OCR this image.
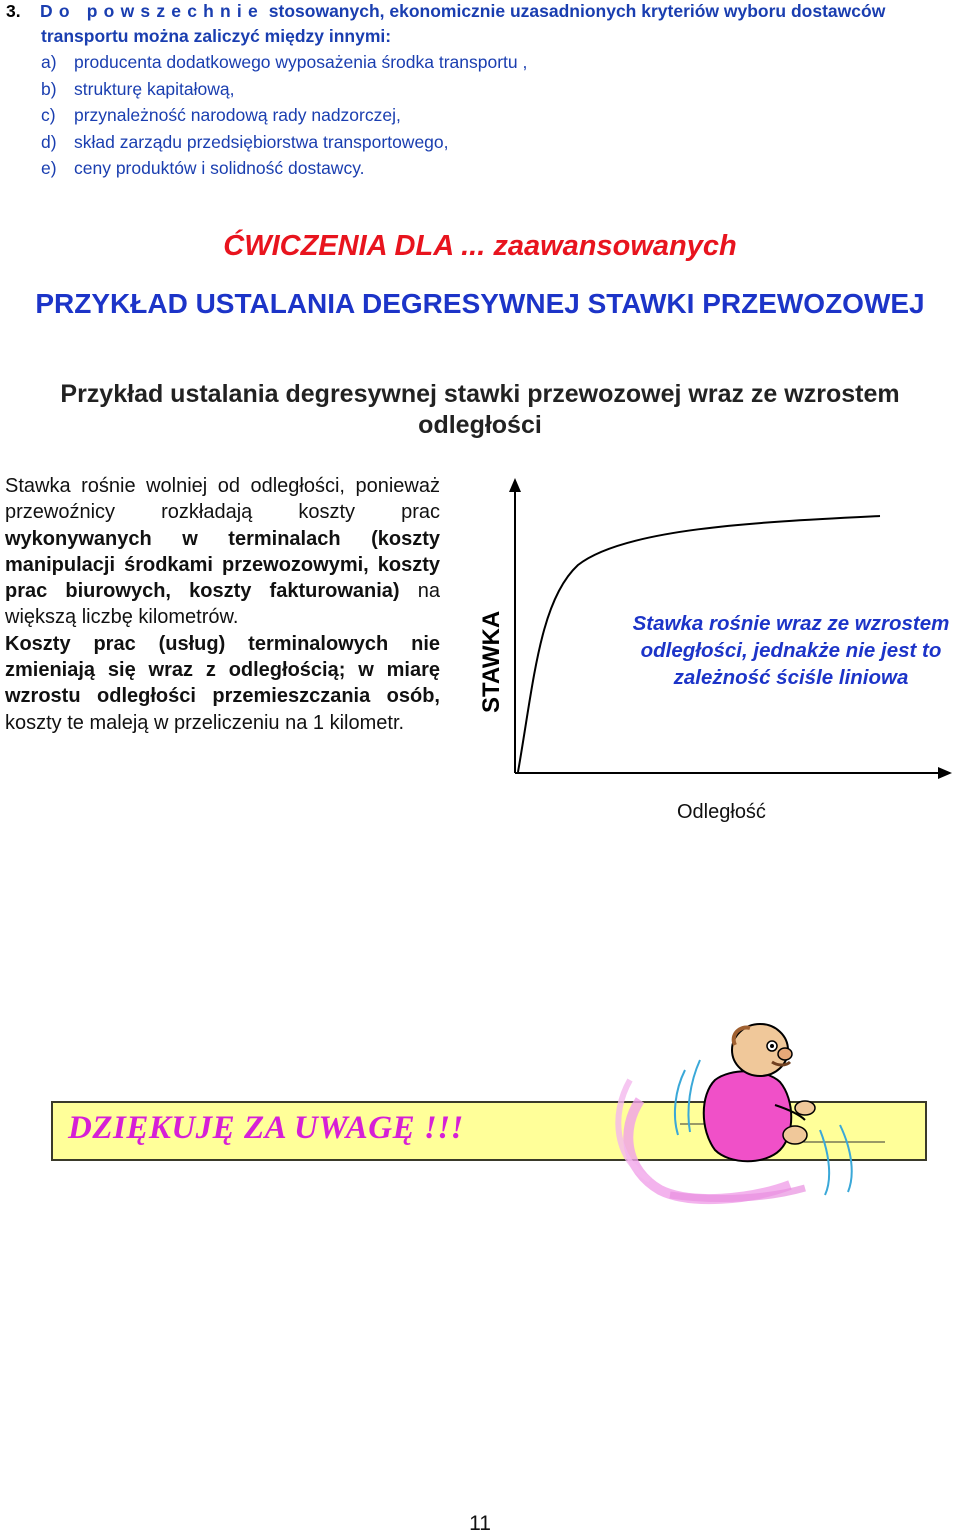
3. Do powszechnie stosowanych, ekonomicznie uzasadnionych kryteriów wyboru dostawców
transportu można zaliczyć między innymi:
a) producenta dodatkowego wyposażenia środka transportu ,
b) strukturę kapitałową,
c) przynależność narodową rady nadzorczej,
d) skład zarządu przedsiębiorstwa transportowego,
e) ceny produktów i solidność dostawcy.
ĆWICZENIA DLA ... zaawansowanych
PRZYKŁAD USTALANIA DEGRESYWNEJ STAWKI PRZEWOZOWEJ
Przykład ustalania degresywnej stawki przewozowej wraz ze wzrostem odległości

Stawka rośnie wolniej od odległości, ponieważ przewoźnicy rozkładają koszty prac wykonywanych w terminalach (koszty manipulacji środkami przewozowymi, koszty prac biurowych, koszty fakturowania) na większą liczbę kilometrów.

Koszty prac (usług) terminalowych nie zmieniają się wraz z odległością; w miarę wzrostu odległości przemieszczania osób, koszty te maleją w przeliczeniu na 1 kilometr.

STAWKA	Stawka rośnie wraz ze wzrostem odległości, jednakże nie jest to zależność ściśle liniowa
Odległość
DZIĘKUJĘ ZA UWAGĘ !!!
11
